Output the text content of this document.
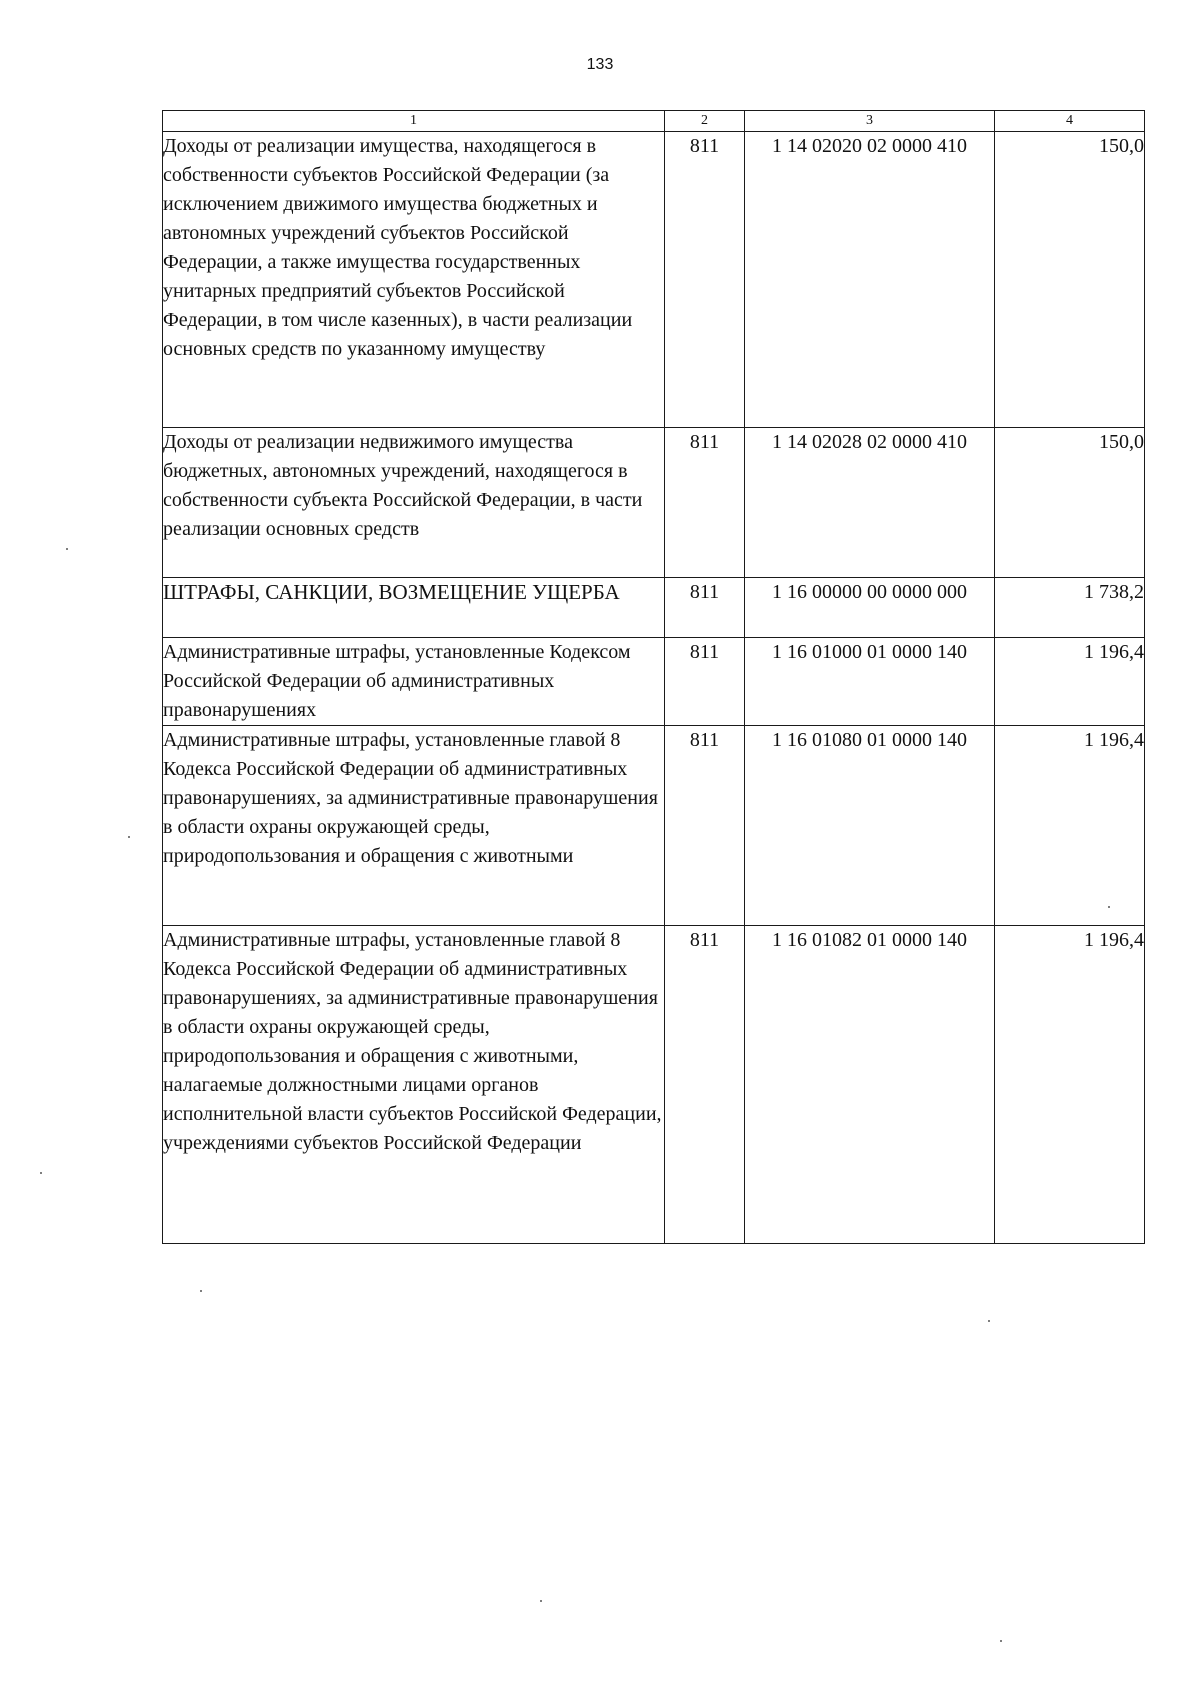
133
1	2	3	4
Доходы от реализации имущества, находящегося в собственности субъектов Российской Федерации (за исключением движимого имущества бюджетных и автономных учреждений субъектов Российской Федерации, а также имущества государственных унитарных предприятий субъектов Российской Федерации, в том числе казенных), в части реализации основных средств по указанному имуществу	811	1 14 02020 02 0000 410	150,0
Доходы от реализации недвижимого имущества бюджетных, автономных учреждений, находящегося в собственности субъекта Российской Федерации, в части реализации основных средств	811	1 14 02028 02 0000 410	150,0
ШТРАФЫ, САНКЦИИ, ВОЗМЕЩЕНИЕ УЩЕРБА	811	1 16 00000 00 0000 000	1 738,2
Административные штрафы, установленные Кодексом Российской Федерации об административных правонарушениях	811	1 16 01000 01 0000 140	1 196,4
Административные штрафы, установленные главой 8 Кодекса Российской Федерации об административных правонарушениях, за административные правонарушения в области охраны окружающей среды, природопользования и обращения с животными	811	1 16 01080 01 0000 140	1 196,4
Административные штрафы, установленные главой 8 Кодекса Российской Федерации об административных правонарушениях, за административные правонарушения в области охраны окружающей среды, природопользования и обращения с животными, налагаемые должностными лицами органов исполнительной власти субъектов Российской Федерации, учреждениями субъектов Российской Федерации	811	1 16 01082 01 0000 140	1 196,4
